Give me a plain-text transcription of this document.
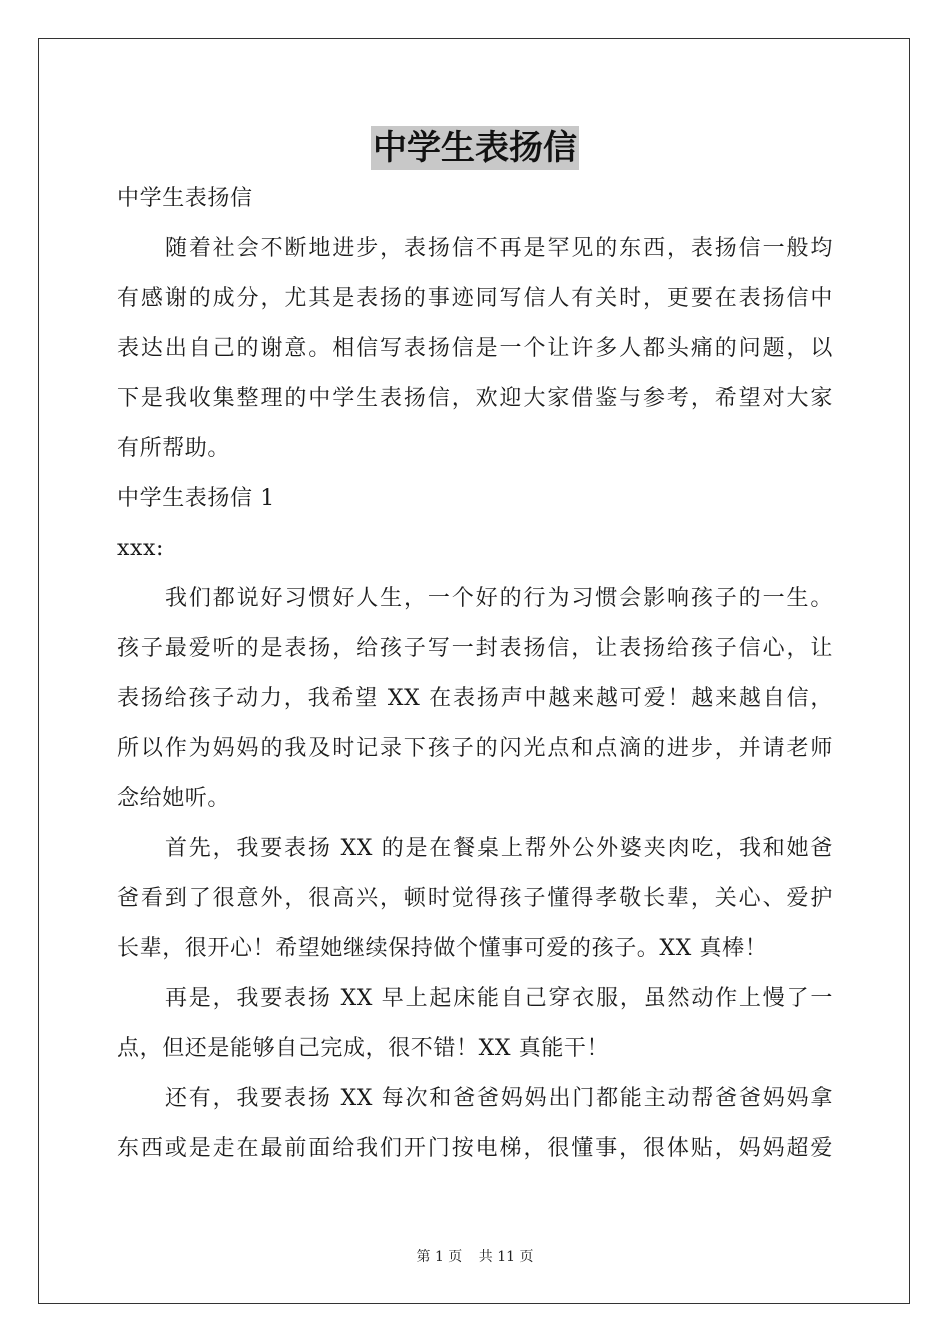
中学生表扬信
中学生表扬信
随着社会不断地进步，表扬信不再是罕见的东西，表扬信一般均
有感谢的成分，尤其是表扬的事迹同写信人有关时，更要在表扬信中
表达出自己的谢意。相信写表扬信是一个让许多人都头痛的问题，以
下是我收集整理的中学生表扬信，欢迎大家借鉴与参考，希望对大家
有所帮助。
中学生表扬信 1
xxx:
我们都说好习惯好人生，一个好的行为习惯会影响孩子的一生。
孩子最爱听的是表扬，给孩子写一封表扬信，让表扬给孩子信心，让
表扬给孩子动力，我希望 XX 在表扬声中越来越可爱！越来越自信，
所以作为妈妈的我及时记录下孩子的闪光点和点滴的进步，并请老师
念给她听。
首先，我要表扬 XX 的是在餐桌上帮外公外婆夹肉吃，我和她爸
爸看到了很意外，很高兴，顿时觉得孩子懂得孝敬长辈，关心、爱护
长辈，很开心！希望她继续保持做个懂事可爱的孩子。XX 真棒！
再是，我要表扬 XX 早上起床能自己穿衣服，虽然动作上慢了一
点，但还是能够自己完成，很不错！XX 真能干！
还有，我要表扬 XX 每次和爸爸妈妈出门都能主动帮爸爸妈妈拿
东西或是走在最前面给我们开门按电梯，很懂事，很体贴，妈妈超爱
第 1 页 共 11 页
